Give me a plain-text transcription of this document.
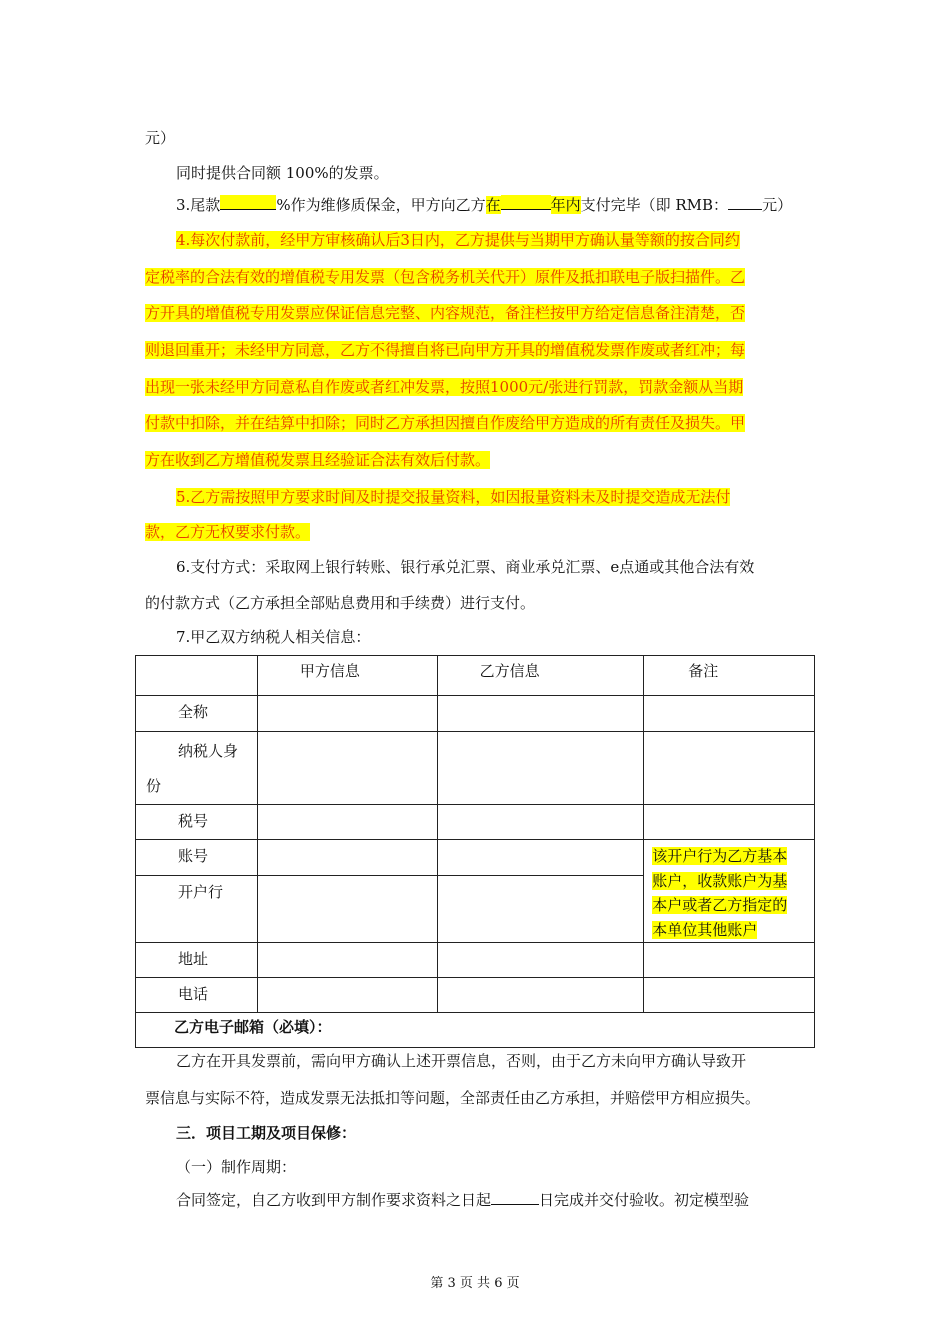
元）
同时提供合同额 100%的发票。
3.尾款	%作为维修质保金，甲方向乙方在	年内支付完毕（即 RMB： 元）
4.每次付款前，经甲方审核确认后3日内，乙方提供与当期甲方确认量等额的按合同约
定税率的合法有效的增值税专用发票（包含税务机关代开）原件及抵扣联电子版扫描件。乙
方开具的增值税专用发票应保证信息完整、内容规范，备注栏按甲方给定信息备注清楚，否
则退回重开；未经甲方同意，乙方不得擅自将已向甲方开具的增值税发票作废或者红冲；每
出现一张未经甲方同意私自作废或者红冲发票，按照1000元/张进行罚款，罚款金额从当期
付款中扣除，并在结算中扣除；同时乙方承担因擅自作废给甲方造成的所有责任及损失。甲
方在收到乙方增值税发票且经验证合法有效后付款。
5.乙方需按照甲方要求时间及时提交报量资料，如因报量资料未及时提交造成无法付
款，乙方无权要求付款。
6.支付方式：采取网上银行转账、银行承兑汇票、商业承兑汇票、e点通或其他合法有效
的付款方式（乙方承担全部贴息费用和手续费）进行支付。
7.甲乙双方纳税人相关信息：

	甲方信息	乙方信息	备注

全称			

纳税人身
份			

税号			

账号			该开户行为乙方基本
账户，收款账户为基
本户或者乙方指定的
本单位其他账户

开户行			

地址			

电话			

乙方电子邮箱（必填）：			
乙方在开具发票前，需向甲方确认上述开票信息，否则，由于乙方未向甲方确认导致开
票信息与实际不符，造成发票无法抵扣等问题，全部责任由乙方承担，并赔偿甲方相应损失。
三．项目工期及项目保修：
（一）制作周期：
合同签定，自乙方收到甲方制作要求资料之日起	日完成并交付验收。初定模型验
第 3 页 共 6 页
